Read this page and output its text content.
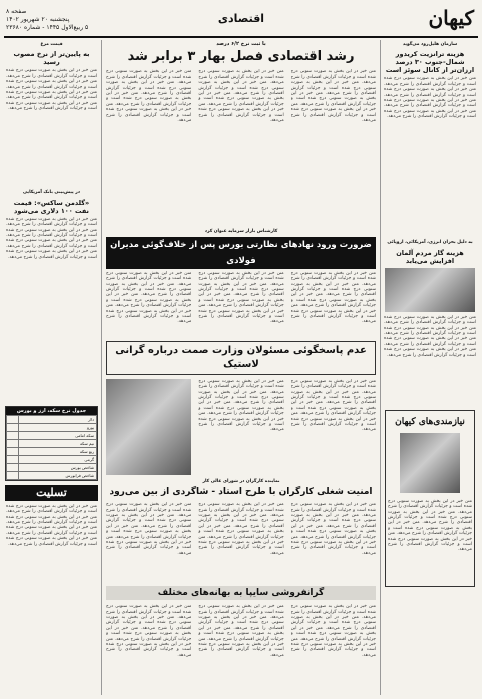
کیهان
اقتصادی
صفحه ۸
پنجشنبه ۲۰ شهریور ۱۴۰۲
۵ ربیع‌الاول ۱۴۴۵ - شماره ۲۳۶۸۰
سازمان هلیل‌رود می‌گوید
هزینه ترانزیت کریدور شمال-جنوب ۳۰ درصد ارزان‌تر از کانال سوئز است
متن خبر در این بخش به صورت ستونی درج شده است و جزئیات گزارش اقتصادی را شرح می‌دهد. متن خبر در این بخش به صورت ستونی درج شده است و جزئیات گزارش اقتصادی را شرح می‌دهد. متن خبر در این بخش به صورت ستونی درج شده است و جزئیات گزارش اقتصادی را شرح می‌دهد. متن خبر در این بخش به صورت ستونی درج شده است و جزئیات گزارش اقتصادی را شرح می‌دهد.
به دلیل بحران انرژی، آمریکائی، اروپائی
هزینه گاز مردم آلمان افزایش می‌یابد
متن خبر در این بخش به صورت ستونی درج شده است و جزئیات گزارش اقتصادی را شرح می‌دهد. متن خبر در این بخش به صورت ستونی درج شده است و جزئیات گزارش اقتصادی را شرح می‌دهد. متن خبر در این بخش به صورت ستونی درج شده است و جزئیات گزارش اقتصادی را شرح می‌دهد. متن خبر در این بخش به صورت ستونی درج شده است و جزئیات گزارش اقتصادی را شرح می‌دهد.
نیازمندی‌های کیهان
متن خبر در این بخش به صورت ستونی درج شده است و جزئیات گزارش اقتصادی را شرح می‌دهد. متن خبر در این بخش به صورت ستونی درج شده است و جزئیات گزارش اقتصادی را شرح می‌دهد. متن خبر در این بخش به صورت ستونی درج شده است و جزئیات گزارش اقتصادی را شرح می‌دهد. متن خبر در این بخش به صورت ستونی درج شده است و جزئیات گزارش اقتصادی را شرح می‌دهد.
با ثبت نرخ ۶/۲ درصد
رشد اقتصادی فصل بهار ۳ برابر شد
متن خبر در این بخش به صورت ستونی درج شده است و جزئیات گزارش اقتصادی را شرح می‌دهد. متن خبر در این بخش به صورت ستونی درج شده است و جزئیات گزارش اقتصادی را شرح می‌دهد. متن خبر در این بخش به صورت ستونی درج شده است و جزئیات گزارش اقتصادی را شرح می‌دهد. متن خبر در این بخش به صورت ستونی درج شده است و جزئیات گزارش اقتصادی را شرح می‌دهد.
متن خبر در این بخش به صورت ستونی درج شده است و جزئیات گزارش اقتصادی را شرح می‌دهد. متن خبر در این بخش به صورت ستونی درج شده است و جزئیات گزارش اقتصادی را شرح می‌دهد. متن خبر در این بخش به صورت ستونی درج شده است و جزئیات گزارش اقتصادی را شرح می‌دهد. متن خبر در این بخش به صورت ستونی درج شده است و جزئیات گزارش اقتصادی را شرح می‌دهد.
متن خبر در این بخش به صورت ستونی درج شده است و جزئیات گزارش اقتصادی را شرح می‌دهد. متن خبر در این بخش به صورت ستونی درج شده است و جزئیات گزارش اقتصادی را شرح می‌دهد. متن خبر در این بخش به صورت ستونی درج شده است و جزئیات گزارش اقتصادی را شرح می‌دهد. متن خبر در این بخش به صورت ستونی درج شده است و جزئیات گزارش اقتصادی را شرح می‌دهد.
کارشناس بازار سرمایه عنوان کرد
ضرورت ورود نهادهای نظارتی بورس پس از خلاف‌گوئی مدیران فولادی
متن خبر در این بخش به صورت ستونی درج شده است و جزئیات گزارش اقتصادی را شرح می‌دهد. متن خبر در این بخش به صورت ستونی درج شده است و جزئیات گزارش اقتصادی را شرح می‌دهد. متن خبر در این بخش به صورت ستونی درج شده است و جزئیات گزارش اقتصادی را شرح می‌دهد. متن خبر در این بخش به صورت ستونی درج شده است و جزئیات گزارش اقتصادی را شرح می‌دهد.
متن خبر در این بخش به صورت ستونی درج شده است و جزئیات گزارش اقتصادی را شرح می‌دهد. متن خبر در این بخش به صورت ستونی درج شده است و جزئیات گزارش اقتصادی را شرح می‌دهد. متن خبر در این بخش به صورت ستونی درج شده است و جزئیات گزارش اقتصادی را شرح می‌دهد. متن خبر در این بخش به صورت ستونی درج شده است و جزئیات گزارش اقتصادی را شرح می‌دهد.
متن خبر در این بخش به صورت ستونی درج شده است و جزئیات گزارش اقتصادی را شرح می‌دهد. متن خبر در این بخش به صورت ستونی درج شده است و جزئیات گزارش اقتصادی را شرح می‌دهد. متن خبر در این بخش به صورت ستونی درج شده است و جزئیات گزارش اقتصادی را شرح می‌دهد. متن خبر در این بخش به صورت ستونی درج شده است و جزئیات گزارش اقتصادی را شرح می‌دهد.
عدم پاسخگوئی مسئولان وزارت صمت درباره گرانی لاستیک
متن خبر در این بخش به صورت ستونی درج شده است و جزئیات گزارش اقتصادی را شرح می‌دهد. متن خبر در این بخش به صورت ستونی درج شده است و جزئیات گزارش اقتصادی را شرح می‌دهد. متن خبر در این بخش به صورت ستونی درج شده است و جزئیات گزارش اقتصادی را شرح می‌دهد. متن خبر در این بخش به صورت ستونی درج شده است و جزئیات گزارش اقتصادی را شرح می‌دهد.
متن خبر در این بخش به صورت ستونی درج شده است و جزئیات گزارش اقتصادی را شرح می‌دهد. متن خبر در این بخش به صورت ستونی درج شده است و جزئیات گزارش اقتصادی را شرح می‌دهد. متن خبر در این بخش به صورت ستونی درج شده است و جزئیات گزارش اقتصادی را شرح می‌دهد. متن خبر در این بخش به صورت ستونی درج شده است و جزئیات گزارش اقتصادی را شرح می‌دهد.
نماینده کارگران در شورای عالی کار
امنیت شغلی کارگران با طرح استاد - شاگردی از بین می‌رود
متن خبر در این بخش به صورت ستونی درج شده است و جزئیات گزارش اقتصادی را شرح می‌دهد. متن خبر در این بخش به صورت ستونی درج شده است و جزئیات گزارش اقتصادی را شرح می‌دهد. متن خبر در این بخش به صورت ستونی درج شده است و جزئیات گزارش اقتصادی را شرح می‌دهد. متن خبر در این بخش به صورت ستونی درج شده است و جزئیات گزارش اقتصادی را شرح می‌دهد.
متن خبر در این بخش به صورت ستونی درج شده است و جزئیات گزارش اقتصادی را شرح می‌دهد. متن خبر در این بخش به صورت ستونی درج شده است و جزئیات گزارش اقتصادی را شرح می‌دهد. متن خبر در این بخش به صورت ستونی درج شده است و جزئیات گزارش اقتصادی را شرح می‌دهد. متن خبر در این بخش به صورت ستونی درج شده است و جزئیات گزارش اقتصادی را شرح می‌دهد.
متن خبر در این بخش به صورت ستونی درج شده است و جزئیات گزارش اقتصادی را شرح می‌دهد. متن خبر در این بخش به صورت ستونی درج شده است و جزئیات گزارش اقتصادی را شرح می‌دهد. متن خبر در این بخش به صورت ستونی درج شده است و جزئیات گزارش اقتصادی را شرح می‌دهد. متن خبر در این بخش به صورت ستونی درج شده است و جزئیات گزارش اقتصادی را شرح می‌دهد.
گرانفروشی سایپا به بهانه‌های مختلف
متن خبر در این بخش به صورت ستونی درج شده است و جزئیات گزارش اقتصادی را شرح می‌دهد. متن خبر در این بخش به صورت ستونی درج شده است و جزئیات گزارش اقتصادی را شرح می‌دهد. متن خبر در این بخش به صورت ستونی درج شده است و جزئیات گزارش اقتصادی را شرح می‌دهد. متن خبر در این بخش به صورت ستونی درج شده است و جزئیات گزارش اقتصادی را شرح می‌دهد.
متن خبر در این بخش به صورت ستونی درج شده است و جزئیات گزارش اقتصادی را شرح می‌دهد. متن خبر در این بخش به صورت ستونی درج شده است و جزئیات گزارش اقتصادی را شرح می‌دهد. متن خبر در این بخش به صورت ستونی درج شده است و جزئیات گزارش اقتصادی را شرح می‌دهد. متن خبر در این بخش به صورت ستونی درج شده است و جزئیات گزارش اقتصادی را شرح می‌دهد.
متن خبر در این بخش به صورت ستونی درج شده است و جزئیات گزارش اقتصادی را شرح می‌دهد. متن خبر در این بخش به صورت ستونی درج شده است و جزئیات گزارش اقتصادی را شرح می‌دهد. متن خبر در این بخش به صورت ستونی درج شده است و جزئیات گزارش اقتصادی را شرح می‌دهد. متن خبر در این بخش به صورت ستونی درج شده است و جزئیات گزارش اقتصادی را شرح می‌دهد.
قیمت مرغ
به پایین‌تر از نرخ مصوب رسید
متن خبر در این بخش به صورت ستونی درج شده است و جزئیات گزارش اقتصادی را شرح می‌دهد. متن خبر در این بخش به صورت ستونی درج شده است و جزئیات گزارش اقتصادی را شرح می‌دهد. متن خبر در این بخش به صورت ستونی درج شده است و جزئیات گزارش اقتصادی را شرح می‌دهد. متن خبر در این بخش به صورت ستونی درج شده است و جزئیات گزارش اقتصادی را شرح می‌دهد.
در پیش‌بینی بانک آمریکایی
«گلدمن ساکس»: قیمت نفت ۱۰۰ دلاری می‌شود
متن خبر در این بخش به صورت ستونی درج شده است و جزئیات گزارش اقتصادی را شرح می‌دهد. متن خبر در این بخش به صورت ستونی درج شده است و جزئیات گزارش اقتصادی را شرح می‌دهد. متن خبر در این بخش به صورت ستونی درج شده است و جزئیات گزارش اقتصادی را شرح می‌دهد. متن خبر در این بخش به صورت ستونی درج شده است و جزئیات گزارش اقتصادی را شرح می‌دهد.
جدول نرخ سکه، ارز و بورس
دلار	
یورو	
سکه امامی	
نیم سکه	
ربع سکه	
گرمی	
شاخص بورس	
شاخص فرابورس	
تسلیت
متن خبر در این بخش به صورت ستونی درج شده است و جزئیات گزارش اقتصادی را شرح می‌دهد. متن خبر در این بخش به صورت ستونی درج شده است و جزئیات گزارش اقتصادی را شرح می‌دهد. متن خبر در این بخش به صورت ستونی درج شده است و جزئیات گزارش اقتصادی را شرح می‌دهد. متن خبر در این بخش به صورت ستونی درج شده است و جزئیات گزارش اقتصادی را شرح می‌دهد.
